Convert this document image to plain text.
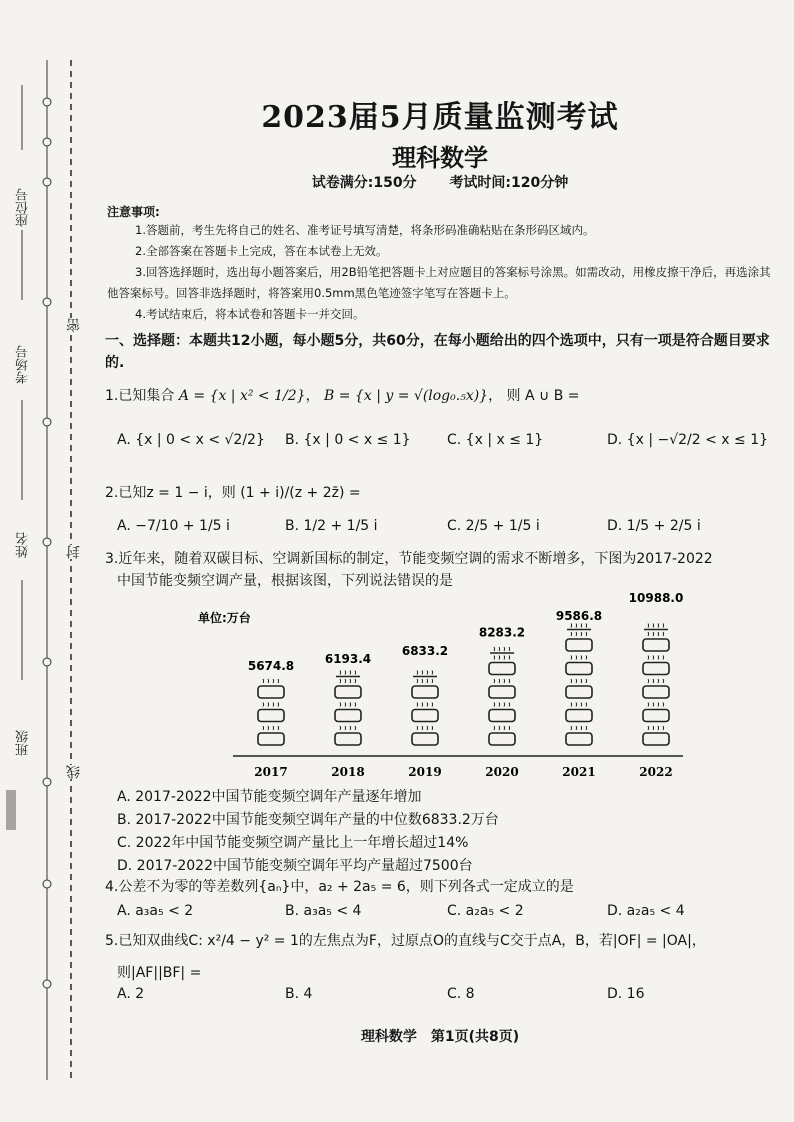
座位号
考场号
姓名
班级
密
封
线
2023届5月质量监测考试
理科数学
试卷满分:150分 考试时间:120分钟
注意事项:

1.答题前，考生先将自己的姓名、准考证号填写清楚，将条形码准确粘贴在条形码区域内。

2.全部答案在答题卡上完成，答在本试卷上无效。

3.回答选择题时，选出每小题答案后，用2B铅笔把答题卡上对应题目的答案标号涂黑。如需改动，用橡皮擦干净后，再选涂其他答案标号。回答非选择题时，将答案用0.5mm黑色笔迹签字笔写在答题卡上。

4.考试结束后，将本试卷和答题卡一并交回。

一、选择题：本题共12小题，每小题5分，共60分，在每小题给出的四个选项中，只有一项是符合题目要求的.
1.已知集合 A = {x | x² < 1/2}， B = {x | y = √(log₀.₅x)}， 则 A ∪ B =
A. {x | 0 < x < √2/2} B. {x | 0 < x ≤ 1}	C. {x | x ≤ 1}	D. {x | −√2/2 < x ≤ 1}
2.已知z = 1 − i，则 (1 + i)/(z + 2z̄) =
A. −7/10 + 1/5 i	B. 1/2 + 1/5 i	C. 2/5 + 1/5 i	D. 1/5 + 2/5 i
3.近年来，随着双碳目标、空调新国标的制定，节能变频空调的需求不断增多，下图为2017-2022
中国节能变频空调产量，根据该图，下列说法错误的是
单位:万台
5674.8
2017
6193.4
2018
6833.2
2019
8283.2
2020
9586.8
2021
10988.0
2022
A. 2017-2022中国节能变频空调年产量逐年增加
B. 2017-2022中国节能变频空调年产量的中位数6833.2万台
C. 2022年中国节能变频空调产量比上一年增长超过14%
D. 2017-2022中国节能变频空调年平均产量超过7500台
4.公差不为零的等差数列{aₙ}中，a₂ + 2a₅ = 6，则下列各式一定成立的是
A. a₃a₅ < 2	B. a₃a₅ < 4	C. a₂a₅ < 2	D. a₂a₅ < 4
5.已知双曲线C: x²/4 − y² = 1的左焦点为F，过原点O的直线与C交于点A，B，若|OF| = |OA|，
则|AF||BF| =
A. 2	B. 4	C. 8	D. 16
理科数学　第1页(共8页)
